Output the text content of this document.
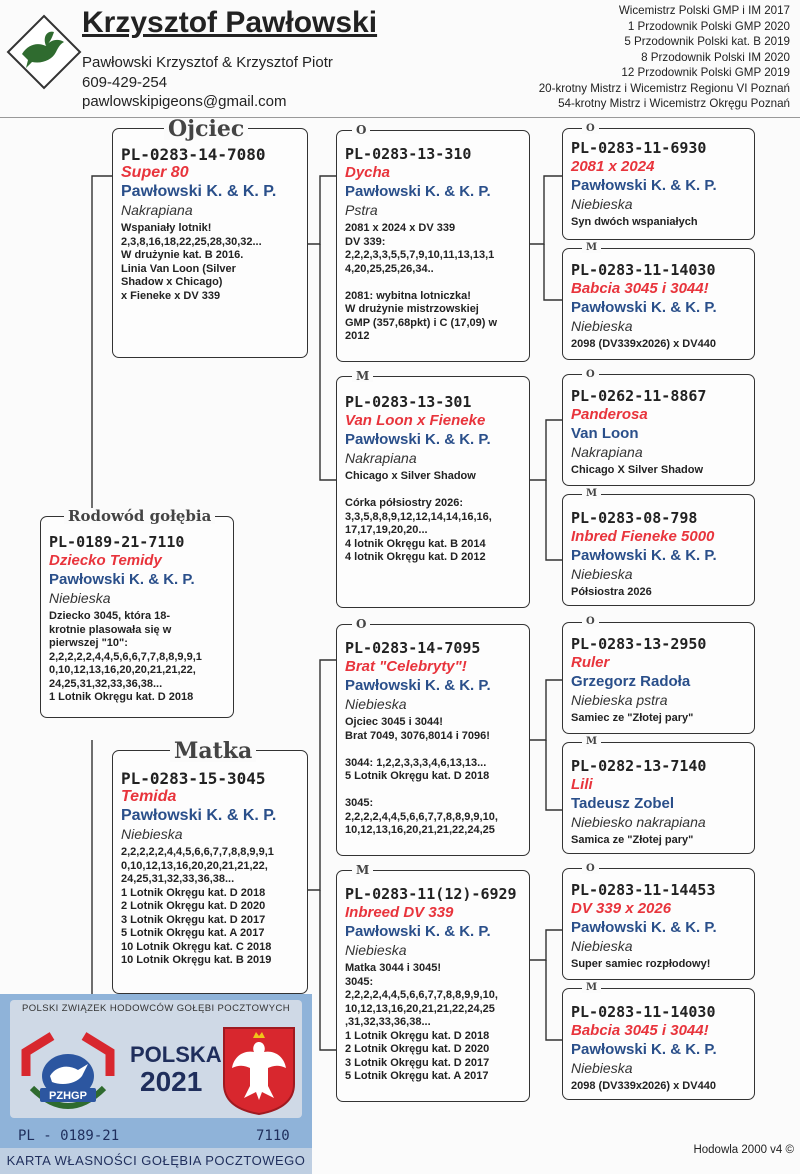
Krzysztof Pawłowski
Pawłowski Krzysztof & Krzysztof Piotr
609-429-254
pawlowskipigeons@gmail.com
Wicemistrz Polski GMP i IM 2017
1 Przodownik Polski GMP 2020
5 Przodownik Polski kat. B 2019
8 Przodownik Polski IM 2020
12 Przodownik Polski GMP 2019
20-krotny Mistrz i Wicemistrz Regionu VI Poznań
54-krotny Mistrz i Wicemistrz Okręgu Poznań
PL-0283-14-7080
Super 80
Pawłowski K. & K. P.
Nakrapiana
Wspaniały lotnik!
2,3,8,16,18,22,25,28,30,32...
W drużynie kat. B 2016.
Linia Van Loon (Silver
Shadow x Chicago)
x Fieneke x DV 339
Ojciec
PL-0189-21-7110
Dziecko Temidy
Pawłowski K. & K. P.
Niebieska
Dziecko 3045, która 18-
krotnie plasowała się w
pierwszej "10":
2,2,2,2,2,4,4,5,6,6,7,7,8,8,9,9,1
0,10,12,13,16,20,20,21,21,22,
24,25,31,32,33,36,38...
1 Lotnik Okręgu kat. D 2018
Rodowód gołębia
PL-0283-15-3045
Temida
Pawłowski K. & K. P.
Niebieska
2,2,2,2,2,4,4,5,6,6,7,7,8,8,9,9,1
0,10,12,13,16,20,20,21,21,22,
24,25,31,32,33,36,38...
1 Lotnik Okręgu kat. D 2018
2 Lotnik Okręgu kat. D 2020
3 Lotnik Okręgu kat. D 2017
5 Lotnik Okręgu kat. A 2017
10 Lotnik Okręgu kat. C 2018
10 Lotnik Okręgu kat. B 2019
Matka
PL-0283-13-310
Dycha
Pawłowski K. & K. P.
Pstra
2081 x 2024 x DV 339
DV 339:
2,2,2,3,3,5,5,7,9,10,11,13,13,1
4,20,25,25,26,34..

2081: wybitna lotniczka!
W drużynie mistrzowskiej
GMP (357,68pkt) i C (17,09) w
2012
O
PL-0283-13-301
Van Loon x Fieneke
Pawłowski K. & K. P.
Nakrapiana
Chicago x Silver Shadow

Córka półsiostry 2026:
3,3,5,8,8,9,12,12,14,14,16,16,
17,17,19,20,20...
4 lotnik Okręgu kat. B 2014
4 lotnik Okręgu kat. D 2012
M
PL-0283-14-7095
Brat "Celebryty"!
Pawłowski K. & K. P.
Niebieska
Ojciec 3045 i 3044!
Brat 7049, 3076,8014 i 7096!

3044: 1,2,2,3,3,3,4,6,13,13...
5 Lotnik Okręgu kat. D 2018

3045:
2,2,2,2,4,4,5,6,6,7,7,8,8,9,9,10,
10,12,13,16,20,21,21,22,24,25
O
PL-0283-11(12)-6929
Inbreed DV 339
Pawłowski K. & K. P.
Niebieska
Matka 3044 i 3045!
3045:
2,2,2,2,4,4,5,6,6,7,7,8,8,9,9,10,
10,12,13,16,20,21,21,22,24,25
,31,32,33,36,38...
1 Lotnik Okręgu kat. D 2018
2 Lotnik Okręgu kat. D 2020
3 Lotnik Okręgu kat. D 2017
5 Lotnik Okręgu kat. A 2017
M
PL-0283-11-6930
2081 x 2024
Pawłowski K. & K. P.
Niebieska
Syn dwóch wspaniałych
O
PL-0283-11-14030
Babcia 3045 i 3044!
Pawłowski K. & K. P.
Niebieska
2098 (DV339x2026) x DV440
M
PL-0262-11-8867
Panderosa
Van Loon
Nakrapiana
Chicago X Silver Shadow
O
PL-0283-08-798
Inbred Fieneke 5000
Pawłowski K. & K. P.
Niebieska
Półsiostra 2026
M
PL-0283-13-2950
Ruler
Grzegorz Radoła
Niebieska pstra
Samiec ze "Złotej pary"
O
PL-0282-13-7140
Lili
Tadeusz Zobel
Niebiesko nakrapiana
Samica ze "Złotej pary"
M
PL-0283-11-14453
DV 339 x 2026
Pawłowski K. & K. P.
Niebieska
Super samiec rozpłodowy!
O
PL-0283-11-14030
Babcia 3045 i 3044!
Pawłowski K. & K. P.
Niebieska
2098 (DV339x2026) x DV440
M
POLSKI ZWIĄZEK HODOWCÓW GOŁĘBI POCZTOWYCH
PZHGP
POLSKA
2021
PL - 0189-21	7110
KARTA WŁASNOŚCI GOŁĘBIA POCZTOWEGO
Hodowla 2000 v4 ©
